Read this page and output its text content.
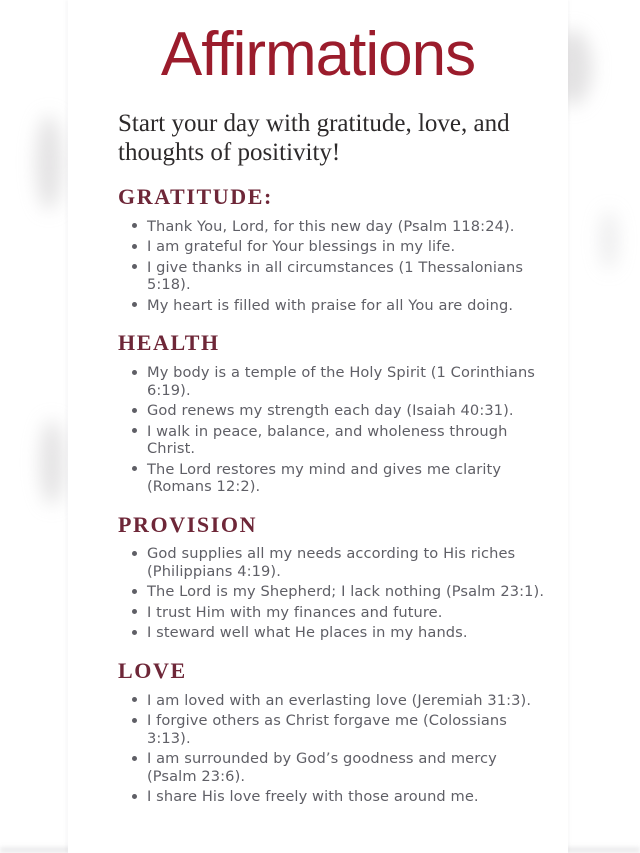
Affirmations
Start your day with gratitude, love, and thoughts of positivity!
GRATITUDE:
Thank You, Lord, for this new day (Psalm 118:24).
I am grateful for Your blessings in my life.
I give thanks in all circumstances (1 Thessalonians 5:18).
My heart is filled with praise for all You are doing.
HEALTH
My body is a temple of the Holy Spirit (1 Corinthians 6:19).
God renews my strength each day (Isaiah 40:31).
I walk in peace, balance, and wholeness through Christ.
The Lord restores my mind and gives me clarity (Romans 12:2).
PROVISION
God supplies all my needs according to His riches (Philippians 4:19).
The Lord is my Shepherd; I lack nothing (Psalm 23:1).
I trust Him with my finances and future.
I steward well what He places in my hands.
LOVE
I am loved with an everlasting love (Jeremiah 31:3).
I forgive others as Christ forgave me (Colossians 3:13).
I am surrounded by God’s goodness and mercy (Psalm 23:6).
I share His love freely with those around me.
